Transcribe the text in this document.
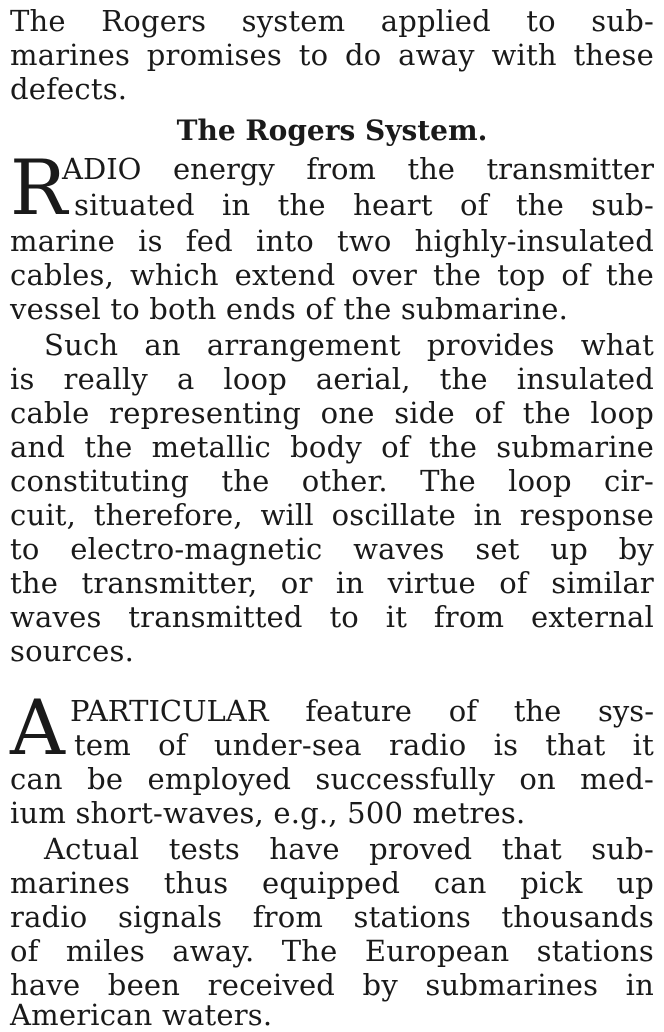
The Rogers system applied to sub-
marines promises to do away with these
defects.
The Rogers System.
R
ADIO energy from the transmitter
situated in the heart of the sub-
marine is fed into two highly-insulated
cables, which extend over the top of the
vessel to both ends of the submarine.
Such an arrangement provides what
is really a loop aerial, the insulated
cable representing one side of the loop
and the metallic body of the submarine
constituting the other. The loop cir-
cuit, therefore, will oscillate in response
to electro-magnetic waves set up by
the transmitter, or in virtue of similar
waves transmitted to it from external
sources.
A PARTICULAR feature of the sys-
tem of under-sea radio is that it
can be employed successfully on med-
ium short-waves, e.g., 500 metres.
Actual tests have proved that sub-
marines thus equipped can pick up
radio signals from stations thousands
of miles away. The European stations
have been received by submarines in
American waters.
